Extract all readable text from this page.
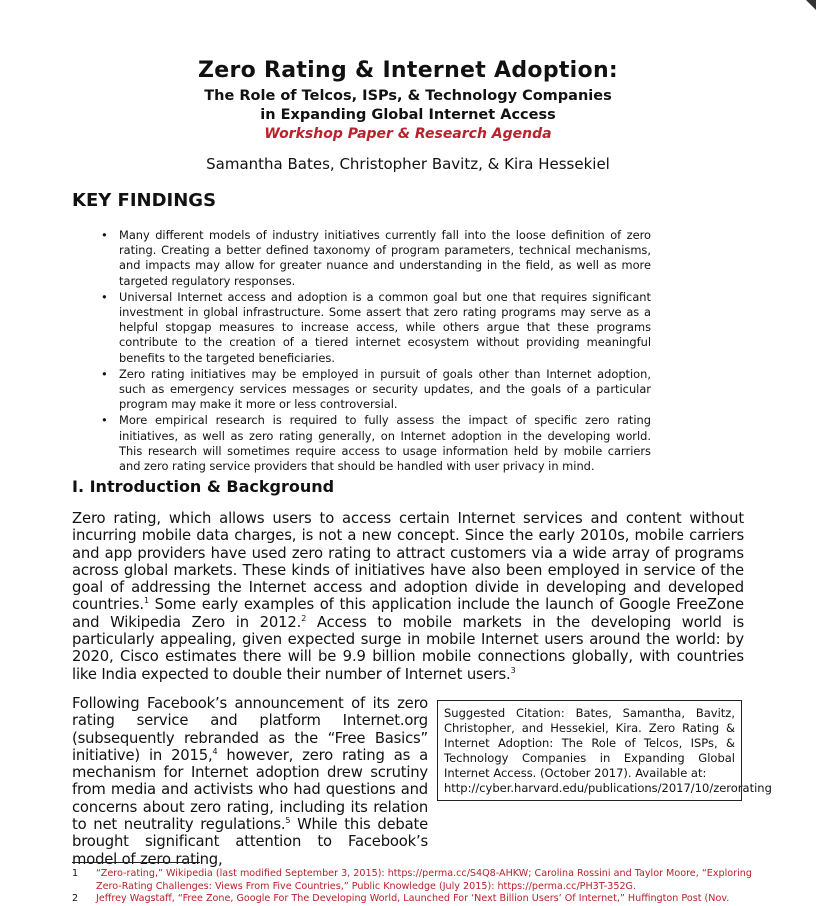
Zero Rating & Internet Adoption:
The Role of Telcos, ISPs, & Technology Companies
in Expanding Global Internet Access
Workshop Paper & Research Agenda
Samantha Bates, Christopher Bavitz, & Kira Hessekiel
KEY FINDINGS
• Many different models of industry initiatives currently fall into the loose definition of zero rating. Creating a better defined taxonomy of program parameters, technical mechanisms, and impacts may allow for greater nuance and understanding in the field, as well as more targeted regulatory responses.
• Universal Internet access and adoption is a common goal but one that requires significant investment in global infrastructure. Some assert that zero rating programs may serve as a helpful stopgap measures to increase access, while others argue that these programs contribute to the creation of a tiered internet ecosystem without providing meaningful benefits to the targeted beneficiaries.
• Zero rating initiatives may be employed in pursuit of goals other than Internet adoption, such as emergency services messages or security updates, and the goals of a particular program may make it more or less controversial.
• More empirical research is required to fully assess the impact of specific zero rating initiatives, as well as zero rating generally, on Internet adoption in the developing world. This research will sometimes require access to usage information held by mobile carriers and zero rating service providers that should be handled with user privacy in mind.
I. Introduction & Background

Zero rating, which allows users to access certain Internet services and content without incurring mobile data charges, is not a new concept. Since the early 2010s, mobile carriers and app providers have used zero rating to attract customers via a wide array of programs across global markets. These kinds of initiatives have also been employed in service of the goal of addressing the Internet access and adoption divide in developing and developed countries.$^1$ Some early examples of this application include the launch of Google FreeZone and Wikipedia Zero in 2012.$^2$ Access to mobile markets in the developing world is particularly appealing, given expected surge in mobile Internet users around the world: by 2020, Cisco estimates there will be 9.9 billion mobile connections globally, with countries like India expected to double their number of Internet users.$^3$

Following Facebook’s announcement of its zero rating service and platform Internet.org (subsequently rebranded as the “Free Basics” initiative) in 2015,$^4$ however, zero rating as a mechanism for Internet adoption drew scrutiny from media and activists who had questions and concerns about zero rating, including its relation to net neutrality regulations.$^5$ While this debate brought significant attention to Facebook’s model of zero rating,

Suggested Citation: Bates, Samantha, Bavitz, Christopher, and Hessekiel, Kira. Zero Rating & Internet Adoption: The Role of Telcos, ISPs, & Technology Companies in Expanding Global Internet Access. (October 2017). Available at:
http://cyber.harvard.edu/publications/2017/10/zerorating
1 “Zero-rating,” Wikipedia (last modified September 3, 2015): https://perma.cc/S4Q8-AHKW; Carolina Rossini and Taylor Moore, “Exploring Zero-Rating Challenges: Views From Five Countries,” Public Knowledge (July 2015): https://perma.cc/PH3T-352G.
2 Jeffrey Wagstaff, “Free Zone, Google For The Developing World, Launched For ‘Next Billion Users’ Of Internet,” Huffington Post (Nov.
